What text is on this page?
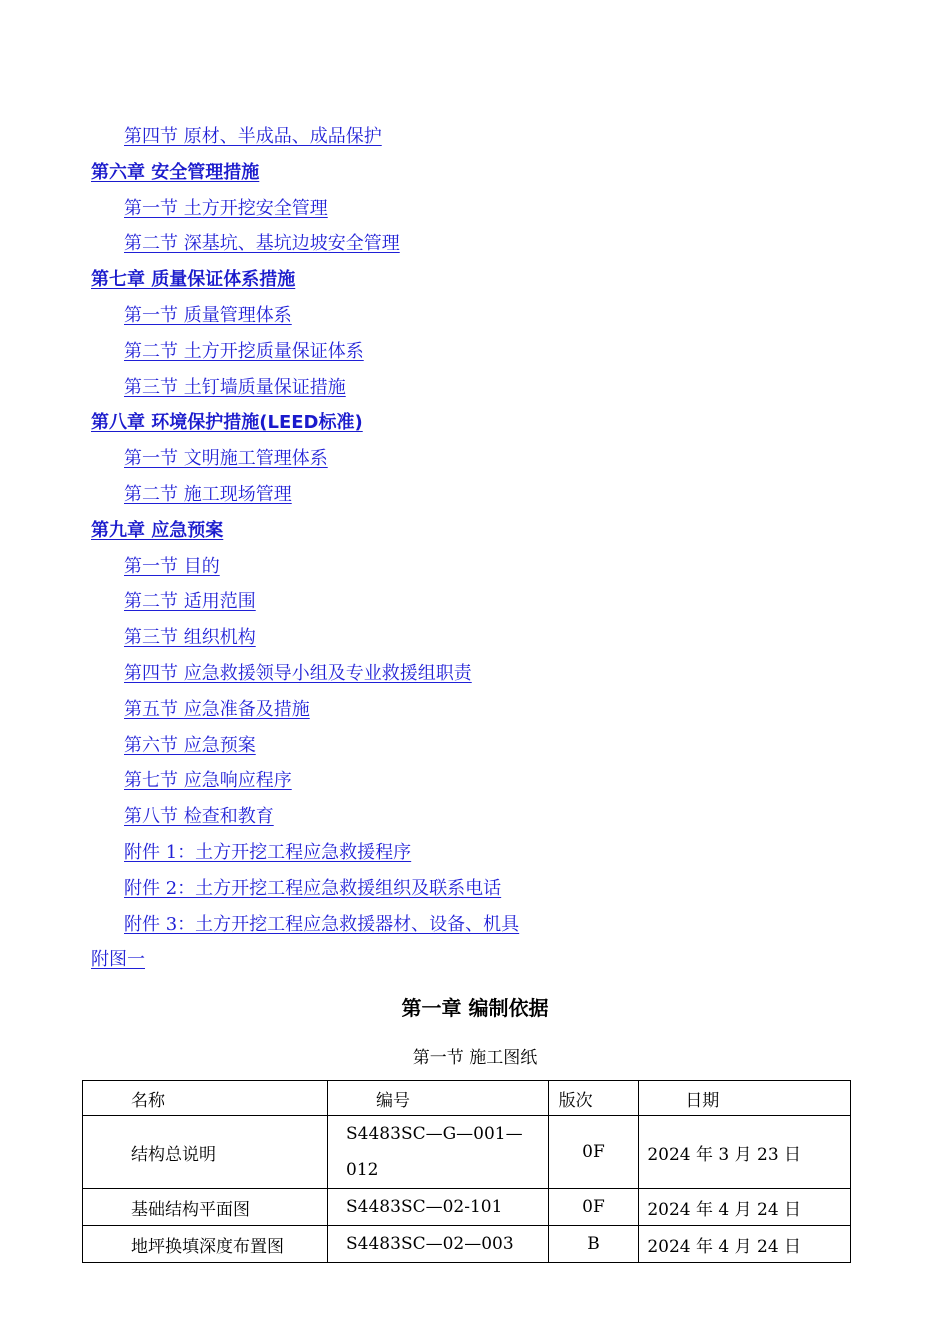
第四节 原材、半成品、成品保护
第六章 安全管理措施
第一节 土方开挖安全管理
第二节 深基坑、基坑边坡安全管理
第七章 质量保证体系措施
第一节 质量管理体系
第二节 土方开挖质量保证体系
第三节 土钉墙质量保证措施
第八章 环境保护措施(LEED标准)
第一节 文明施工管理体系
第二节 施工现场管理
第九章 应急预案
第一节 目的
第二节 适用范围
第三节 组织机构
第四节 应急救援领导小组及专业救援组职责
第五节 应急准备及措施
第六节 应急预案
第七节 应急响应程序
第八节 检查和教育
附件 1：土方开挖工程应急救援程序
附件 2：土方开挖工程应急救援组织及联系电话
附件 3：土方开挖工程应急救援器材、设备、机具
附图一
第一章 编制依据
第一节 施工图纸
名称	编号	版次	日期
结构总说明	S4483SC—G—001—012	0F	2024 年 3 月 23 日
基础结构平面图	S4483SC—02-101	0F	2024 年 4 月 24 日
地坪换填深度布置图	S4483SC—02—003	B	2024 年 4 月 24 日
